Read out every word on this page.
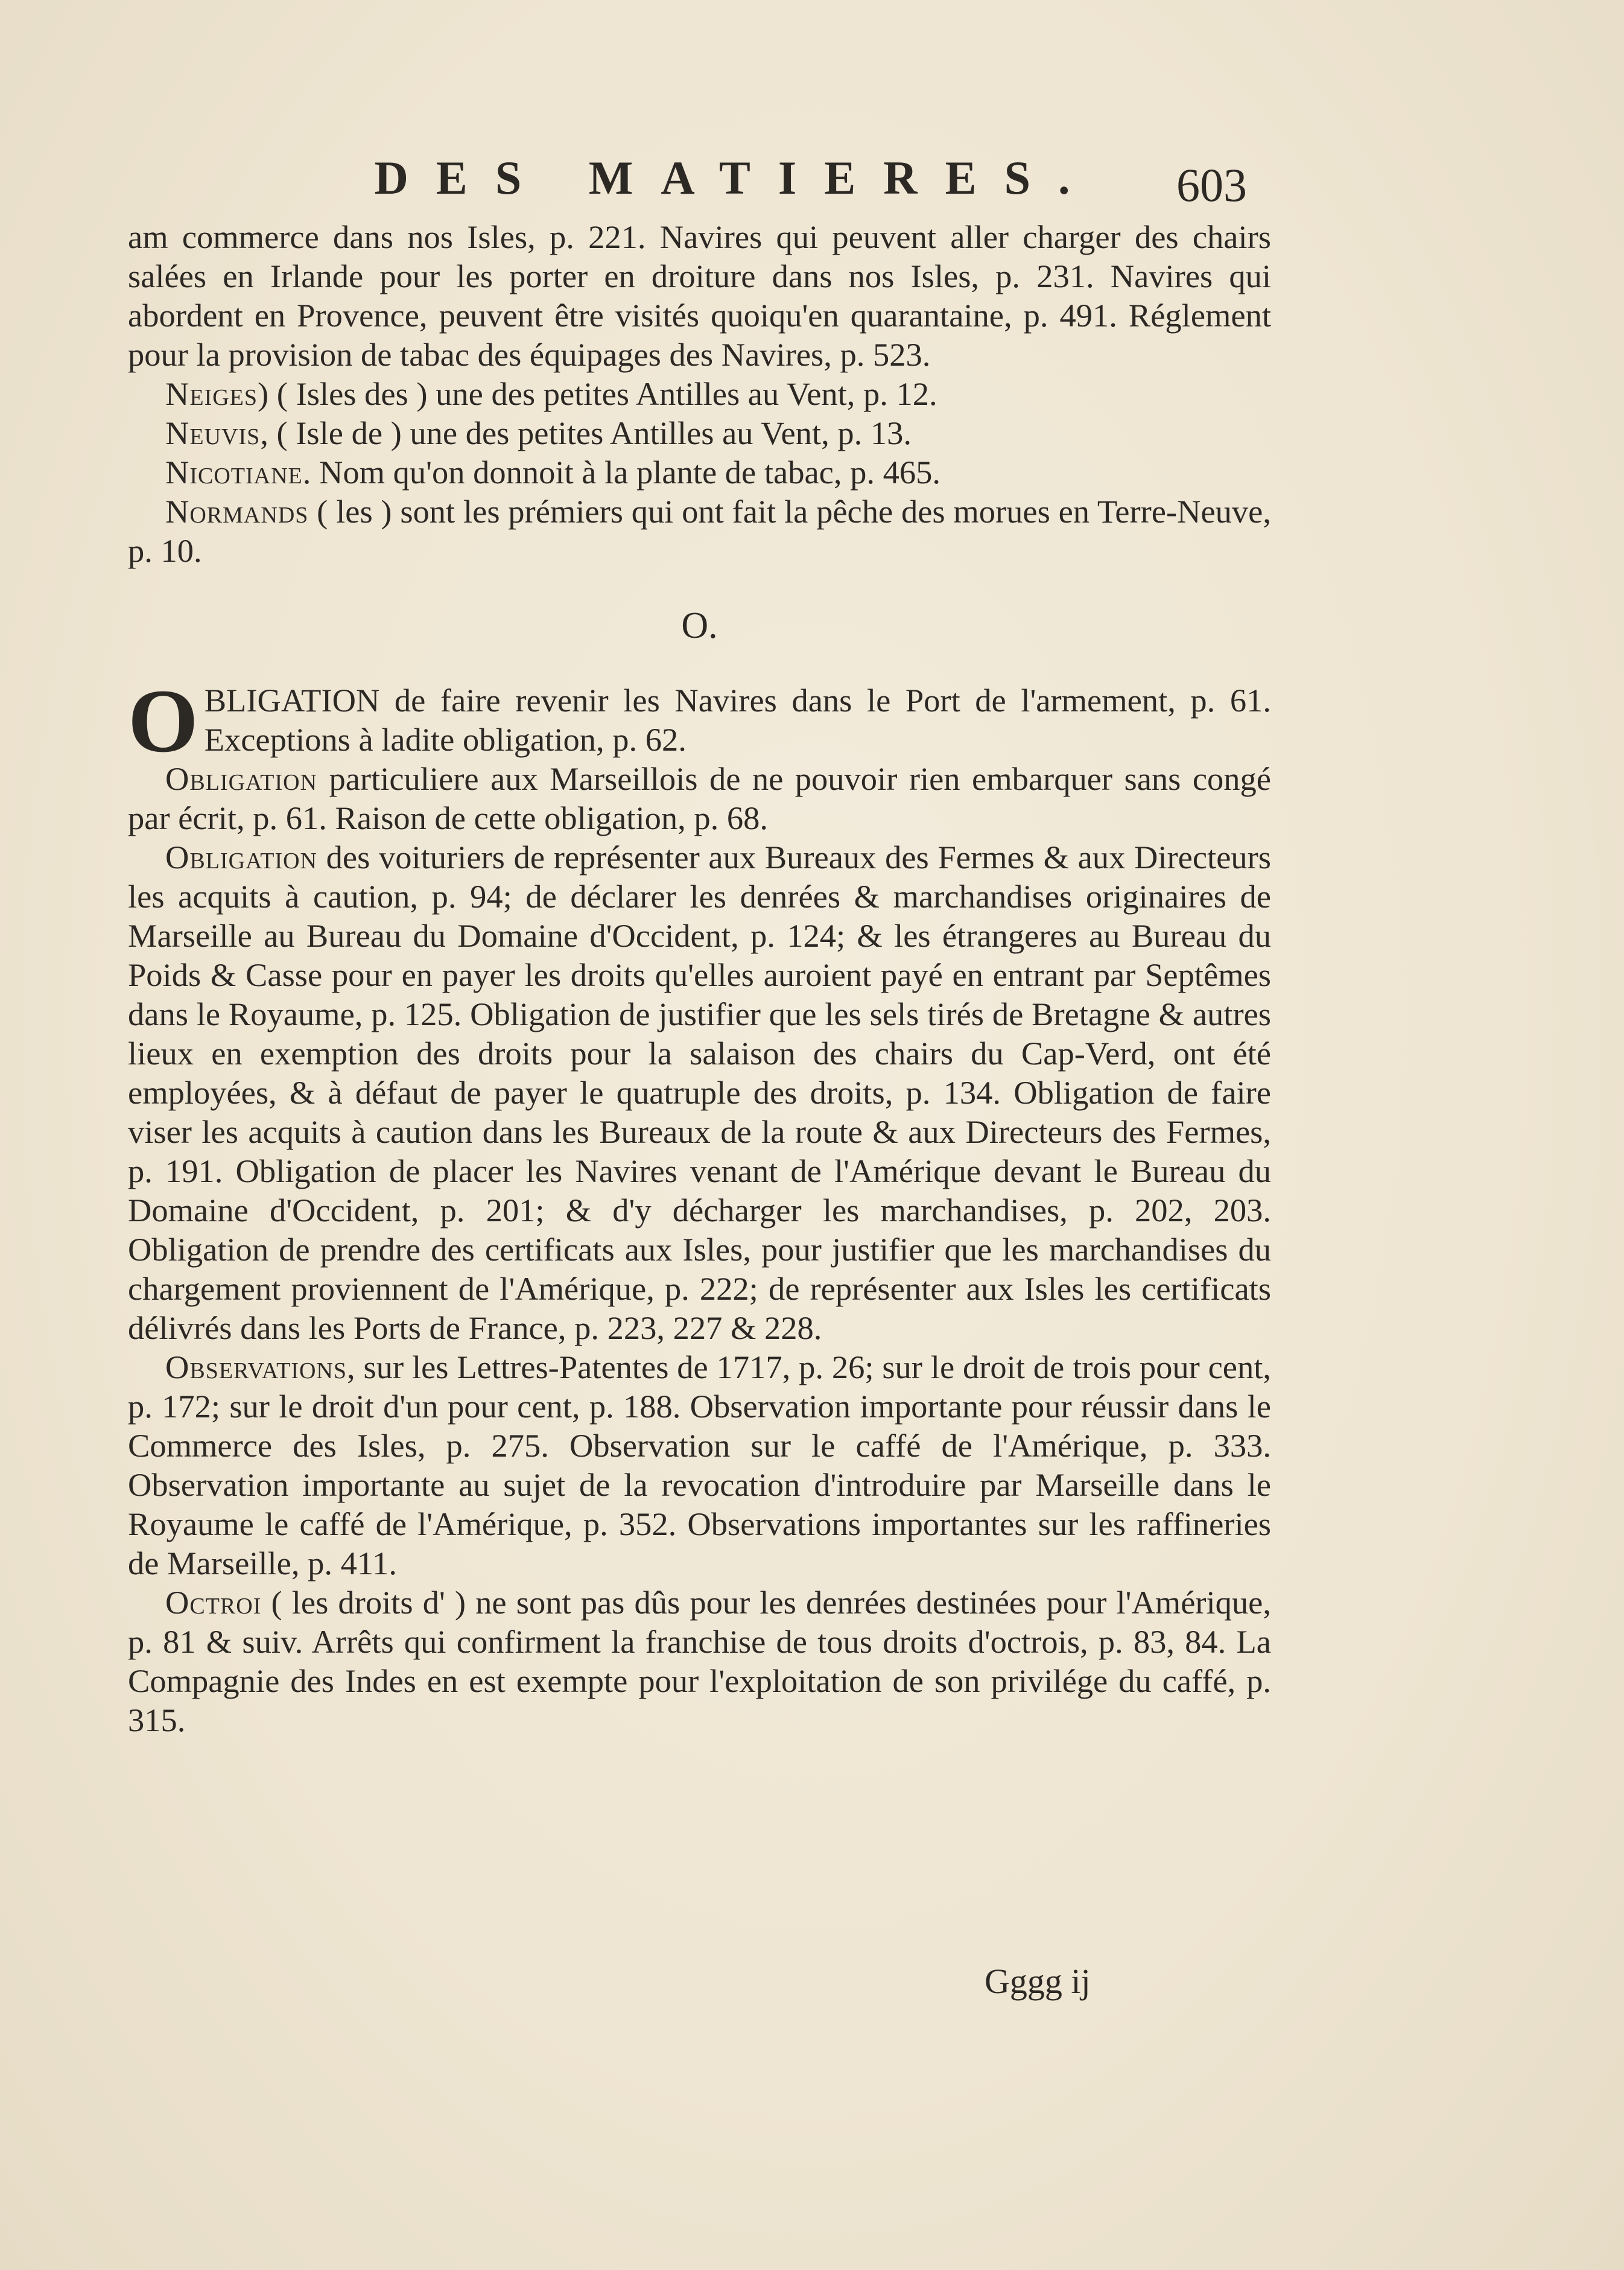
DES MATIERES.	603

am commerce dans nos Isles, p. 221. Navires qui peuvent aller charger des chairs salées en Irlande pour les porter en droiture dans nos Isles, p. 231. Navires qui abordent en Provence, peuvent être visités quoiqu'en quarantaine, p. 491. Réglement pour la provision de tabac des équipages des Navires, p. 523.

Neiges) ( Isles des ) une des petites Antilles au Vent, p. 12.

Neuvis, ( Isle de ) une des petites Antilles au Vent, p. 13.

Nicotiane. Nom qu'on donnoit à la plante de tabac, p. 465.

Normands ( les ) sont les prémiers qui ont fait la pêche des morues en Terre-Neuve, p. 10.

O.

OBLIGATION de faire revenir les Navires dans le Port de l'armement, p. 61. Exceptions à ladite obligation, p. 62.

Obligation particuliere aux Marseillois de ne pouvoir rien embarquer sans congé par écrit, p. 61. Raison de cette obligation, p. 68.

Obligation des voituriers de représenter aux Bureaux des Fermes & aux Directeurs les acquits à caution, p. 94; de déclarer les denrées & marchandises originaires de Marseille au Bureau du Domaine d'Occident, p. 124; & les étrangeres au Bureau du Poids & Casse pour en payer les droits qu'elles auroient payé en entrant par Septêmes dans le Royaume, p. 125. Obligation de justifier que les sels tirés de Bretagne & autres lieux en exemption des droits pour la salaison des chairs du Cap-Verd, ont été employées, & à défaut de payer le quatruple des droits, p. 134. Obligation de faire viser les acquits à caution dans les Bureaux de la route & aux Directeurs des Fermes, p. 191. Obligation de placer les Navires venant de l'Amérique devant le Bureau du Domaine d'Occident, p. 201; & d'y décharger les marchandises, p. 202, 203. Obligation de prendre des certificats aux Isles, pour justifier que les marchandises du chargement proviennent de l'Amérique, p. 222; de représenter aux Isles les certificats délivrés dans les Ports de France, p. 223, 227 & 228.

Observations, sur les Lettres-Patentes de 1717, p. 26; sur le droit de trois pour cent, p. 172; sur le droit d'un pour cent, p. 188. Observation importante pour réussir dans le Commerce des Isles, p. 275. Observation sur le caffé de l'Amérique, p. 333. Observation importante au sujet de la revocation d'introduire par Marseille dans le Royaume le caffé de l'Amérique, p. 352. Observations importantes sur les raffineries de Marseille, p. 411.

Octroi ( les droits d' ) ne sont pas dûs pour les denrées destinées pour l'Amérique, p. 81 & suiv. Arrêts qui confirment la franchise de tous droits d'octrois, p. 83, 84. La Compagnie des Indes en est exempte pour l'exploitation de son privilége du caffé, p. 315.

Gggg ij
